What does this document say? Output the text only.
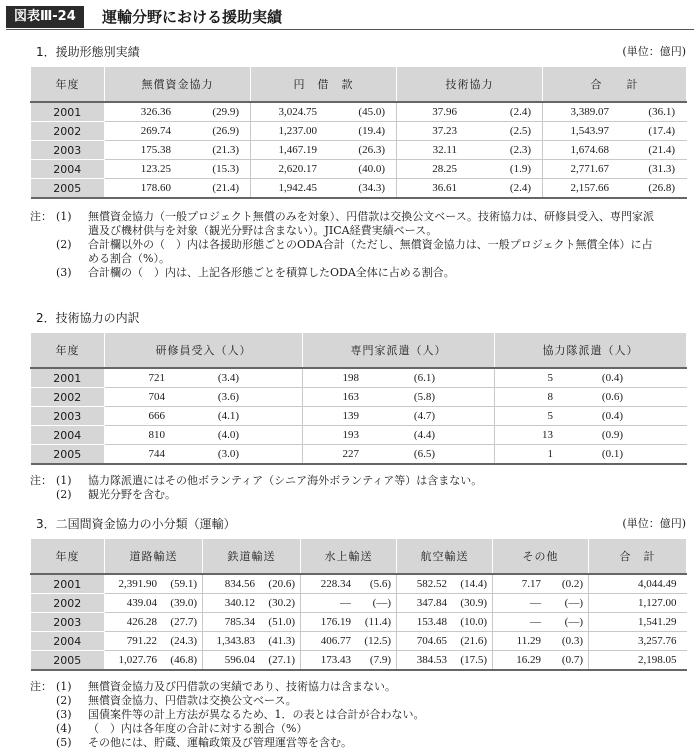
図表Ⅲ-24	運輸分野における援助実績
1．援助形態別実績	(単位：億円)
年度	無償資金協力	円　借　款	技術協力	合　　計
2001	326.36 (29.9)	3,024.75 (45.0)	37.96 (2.4)	3,389.07 (36.1)
2002	269.74 (26.9)	1,237.00 (19.4)	37.23 (2.5)	1,543.97 (17.4)
2003	175.38 (21.3)	1,467.19 (26.3)	32.11 (2.3)	1,674.68 (21.4)
2004	123.25 (15.3)	2,620.17 (40.0)	28.25 (1.9)	2,771.67 (31.3)
2005	178.60 (21.4)	1,942.45 (34.3)	36.61 (2.4)	2,157.66 (26.8)
注： (1) 無償資金協力（一般プロジェクト無償のみを対象）、円借款は交換公文ベース。技術協力は、研修員受入、専門家派
遣及び機材供与を対象（観光分野は含まない）。JICA経費実績ベース。
(2) 合計欄以外の（　）内は各援助形態ごとのODA合計（ただし、無償資金協力は、一般プロジェクト無償全体）に占
める割合（%）。
(3) 合計欄の（　）内は、上記各形態ごとを積算したODA全体に占める割合。
2．技術協力の内訳
年度	研修員受入（人）	専門家派遣（人）	協力隊派遣（人）
2001	721 (3.4)	198 (6.1)	5 (0.4)
2002	704 (3.6)	163 (5.8)	8 (0.6)
2003	666 (4.1)	139 (4.7)	5 (0.4)
2004	810 (4.0)	193 (4.4)	13 (0.9)
2005	744 (3.0)	227 (6.5)	1 (0.1)
注： (1) 協力隊派遣にはその他ボランティア（シニア海外ボランティア等）は含まない。
(2) 観光分野を含む。
3．二国間資金協力の小分類（運輸）	(単位：億円)
年度	道路輸送	鉄道輸送	水上輸送	航空輸送	その他	合　計
2001	2,391.90 (59.1)	834.56 (20.6)	228.34 (5.6)	582.52 (14.4)	7.17 (0.2)	4,044.49
2002	439.04 (39.0)	340.12 (30.2)	— (—)	347.84 (30.9)	— (—)	1,127.00
2003	426.28 (27.7)	785.34 (51.0)	176.19 (11.4)	153.48 (10.0)	— (—)	1,541.29
2004	791.22 (24.3)	1,343.83 (41.3)	406.77 (12.5)	704.65 (21.6)	11.29 (0.3)	3,257.76
2005	1,027.76 (46.8)	596.04 (27.1)	173.43 (7.9)	384.53 (17.5)	16.29 (0.7)	2,198.05
注： (1) 無償資金協力及び円借款の実績であり、技術協力は含まない。
(2) 無償資金協力、円借款は交換公文ベース。
(3) 国債案件等の計上方法が異なるため、1．の表とは合計が合わない。
(4) （　）内は各年度の合計に対する割合（%）
(5) その他には、貯蔵、運輸政策及び管理運営等を含む。
